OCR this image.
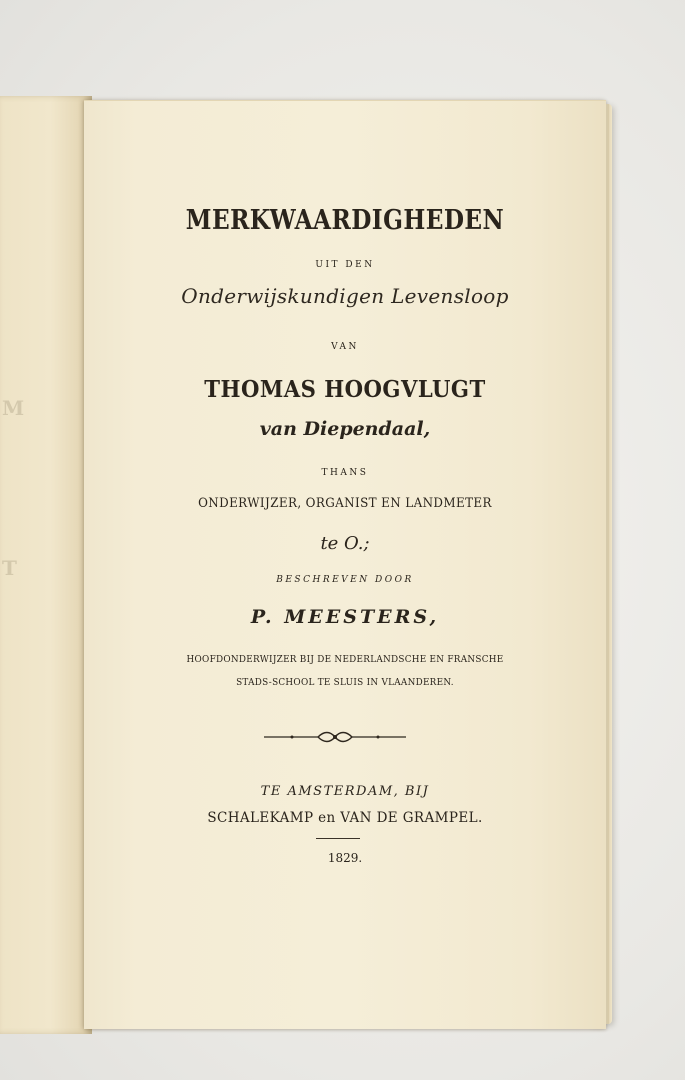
M
T
MERKWAARDIGHEDEN
UIT DEN
Onderwijskundigen Levensloop
VAN
THOMAS HOOGVLUGT
van Diependaal,
THANS
ONDERWIJZER, ORGANIST EN LANDMETER
te O.;
BESCHREVEN DOOR
P. MEESTERS,
HOOFDONDERWIJZER BIJ DE NEDERLANDSCHE EN FRANSCHE
STADS-SCHOOL TE SLUIS IN VLAANDEREN.
TE AMSTERDAM, BIJ
SCHALEKAMP en VAN DE GRAMPEL.
1829.
